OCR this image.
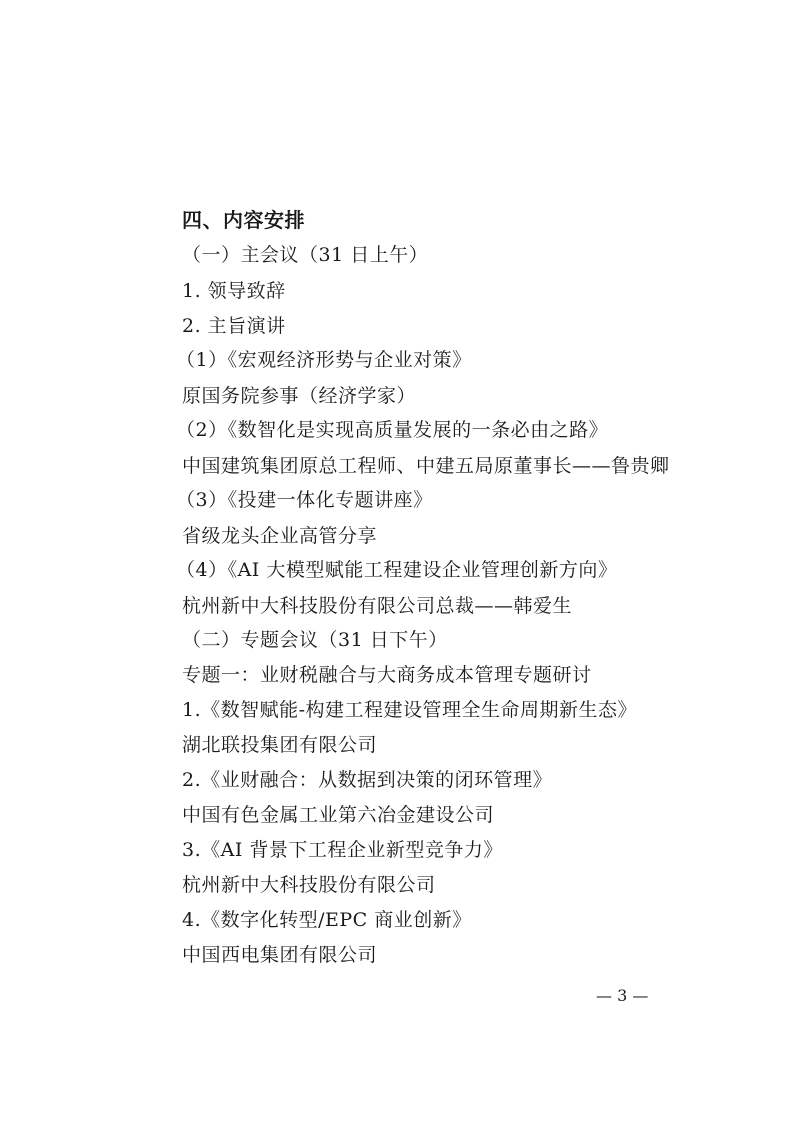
四、内容安排
（一）主会议（31 日上午）
1. 领导致辞
2. 主旨演讲
（1）《宏观经济形势与企业对策》
原国务院参事（经济学家）
（2）《数智化是实现高质量发展的一条必由之路》
中国建筑集团原总工程师、中建五局原董事长——鲁贵卿
（3）《投建一体化专题讲座》
省级龙头企业高管分享
（4）《AI 大模型赋能工程建设企业管理创新方向》
杭州新中大科技股份有限公司总裁——韩爱生
（二）专题会议（31 日下午）
专题一：业财税融合与大商务成本管理专题研讨
1.《数智赋能-构建工程建设管理全生命周期新生态》
湖北联投集团有限公司
2.《业财融合：从数据到决策的闭环管理》
中国有色金属工业第六冶金建设公司
3.《AI 背景下工程企业新型竞争力》
杭州新中大科技股份有限公司
4.《数字化转型/EPC 商业创新》
中国西电集团有限公司
— 3 —
